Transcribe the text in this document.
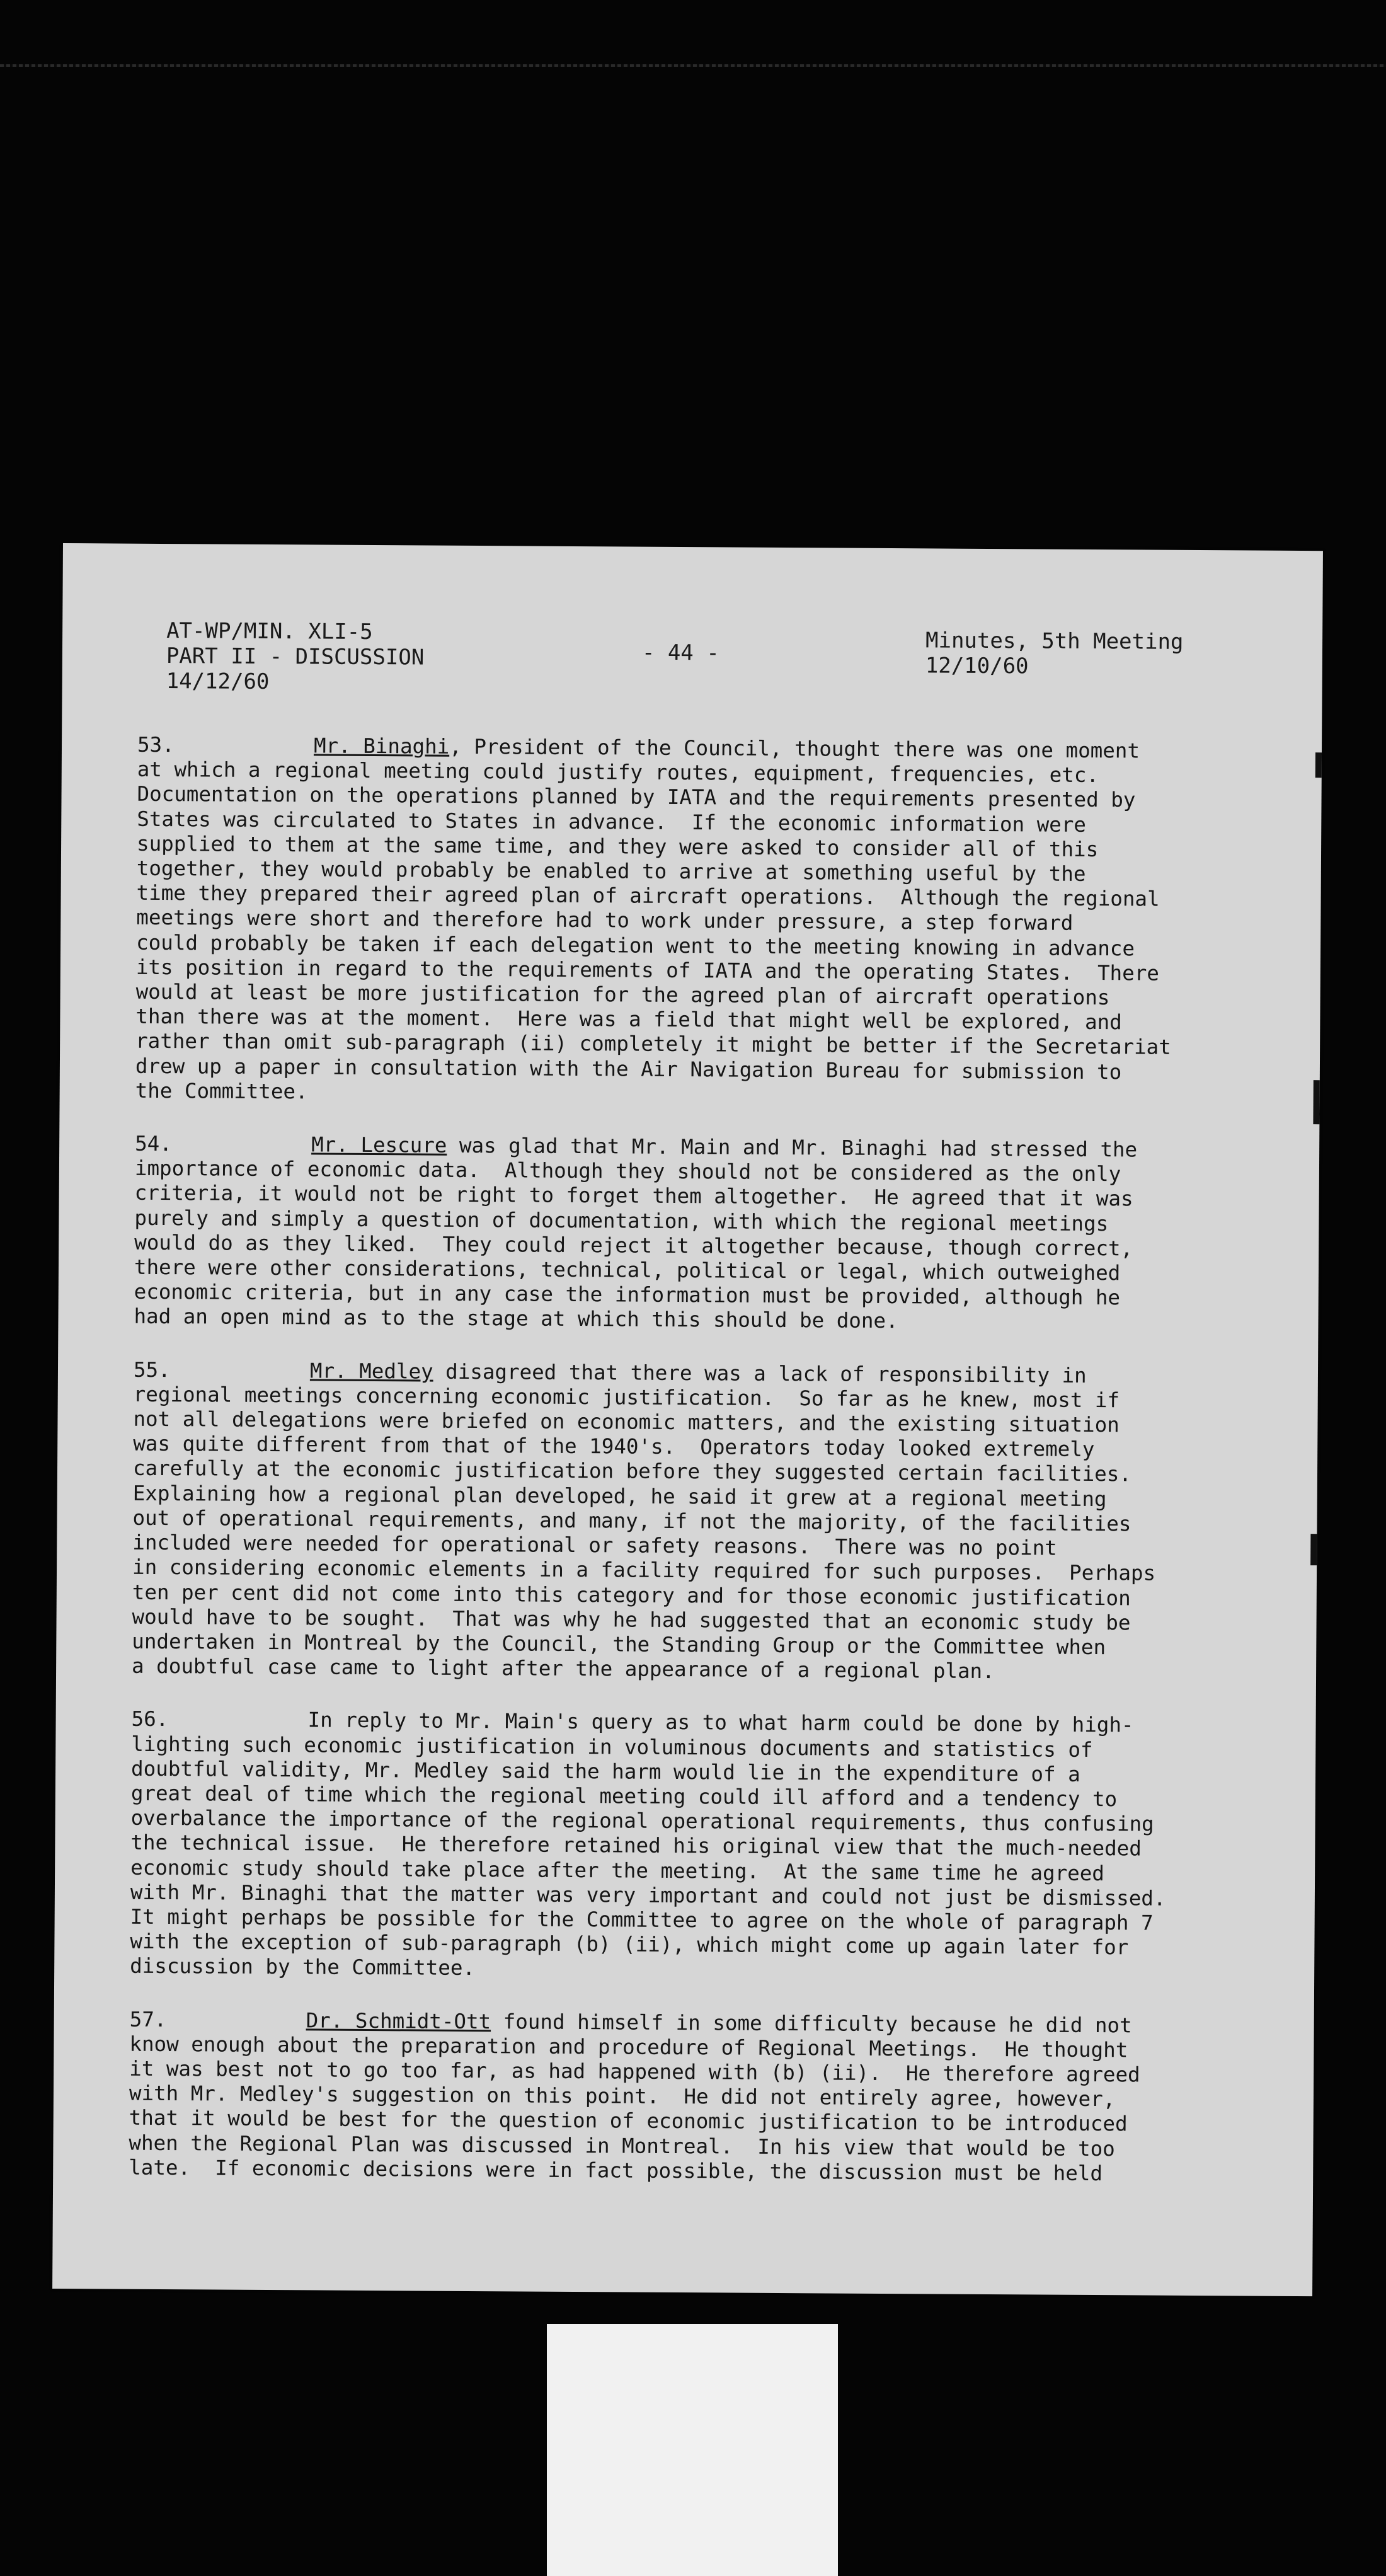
AT-WP/MIN. XLI-5
PART II - DISCUSSION
14/12/60
- 44 -	Minutes, 5th Meeting
12/10/60
53.	Mr. Binaghi, President of the Council, thought there was one moment
at which a regional meeting could justify routes, equipment, frequencies, etc.
Documentation on the operations planned by IATA and the requirements presented by
States was circulated to States in advance.  If the economic information were
supplied to them at the same time, and they were asked to consider all of this
together, they would probably be enabled to arrive at something useful by the
time they prepared their agreed plan of aircraft operations.  Although the regional
meetings were short and therefore had to work under pressure, a step forward
could probably be taken if each delegation went to the meeting knowing in advance
its position in regard to the requirements of IATA and the operating States.  There
would at least be more justification for the agreed plan of aircraft operations
than there was at the moment.  Here was a field that might well be explored, and
rather than omit sub-paragraph (ii) completely it might be better if the Secretariat
drew up a paper in consultation with the Air Navigation Bureau for submission to
the Committee.
54.	Mr. Lescure was glad that Mr. Main and Mr. Binaghi had stressed the
importance of economic data.  Although they should not be considered as the only
criteria, it would not be right to forget them altogether.  He agreed that it was
purely and simply a question of documentation, with which the regional meetings
would do as they liked.  They could reject it altogether because, though correct,
there were other considerations, technical, political or legal, which outweighed
economic criteria, but in any case the information must be provided, although he
had an open mind as to the stage at which this should be done.
55.	Mr. Medley disagreed that there was a lack of responsibility in
regional meetings concerning economic justification.  So far as he knew, most if
not all delegations were briefed on economic matters, and the existing situation
was quite different from that of the 1940's.  Operators today looked extremely
carefully at the economic justification before they suggested certain facilities.
Explaining how a regional plan developed, he said it grew at a regional meeting
out of operational requirements, and many, if not the majority, of the facilities
included were needed for operational or safety reasons.  There was no point
in considering economic elements in a facility required for such purposes.  Perhaps
ten per cent did not come into this category and for those economic justification
would have to be sought.  That was why he had suggested that an economic study be
undertaken in Montreal by the Council, the Standing Group or the Committee when
a doubtful case came to light after the appearance of a regional plan.
56.	In reply to Mr. Main's query as to what harm could be done by high-
lighting such economic justification in voluminous documents and statistics of
doubtful validity, Mr. Medley said the harm would lie in the expenditure of a
great deal of time which the regional meeting could ill afford and a tendency to
overbalance the importance of the regional operational requirements, thus confusing
the technical issue.  He therefore retained his original view that the much-needed
economic study should take place after the meeting.  At the same time he agreed
with Mr. Binaghi that the matter was very important and could not just be dismissed.
It might perhaps be possible for the Committee to agree on the whole of paragraph 7
with the exception of sub-paragraph (b) (ii), which might come up again later for
discussion by the Committee.
57.	Dr. Schmidt-Ott found himself in some difficulty because he did not
know enough about the preparation and procedure of Regional Meetings.  He thought
it was best not to go too far, as had happened with (b) (ii).  He therefore agreed
with Mr. Medley's suggestion on this point.  He did not entirely agree, however,
that it would be best for the question of economic justification to be introduced
when the Regional Plan was discussed in Montreal.  In his view that would be too
late.  If economic decisions were in fact possible, the discussion must be held
